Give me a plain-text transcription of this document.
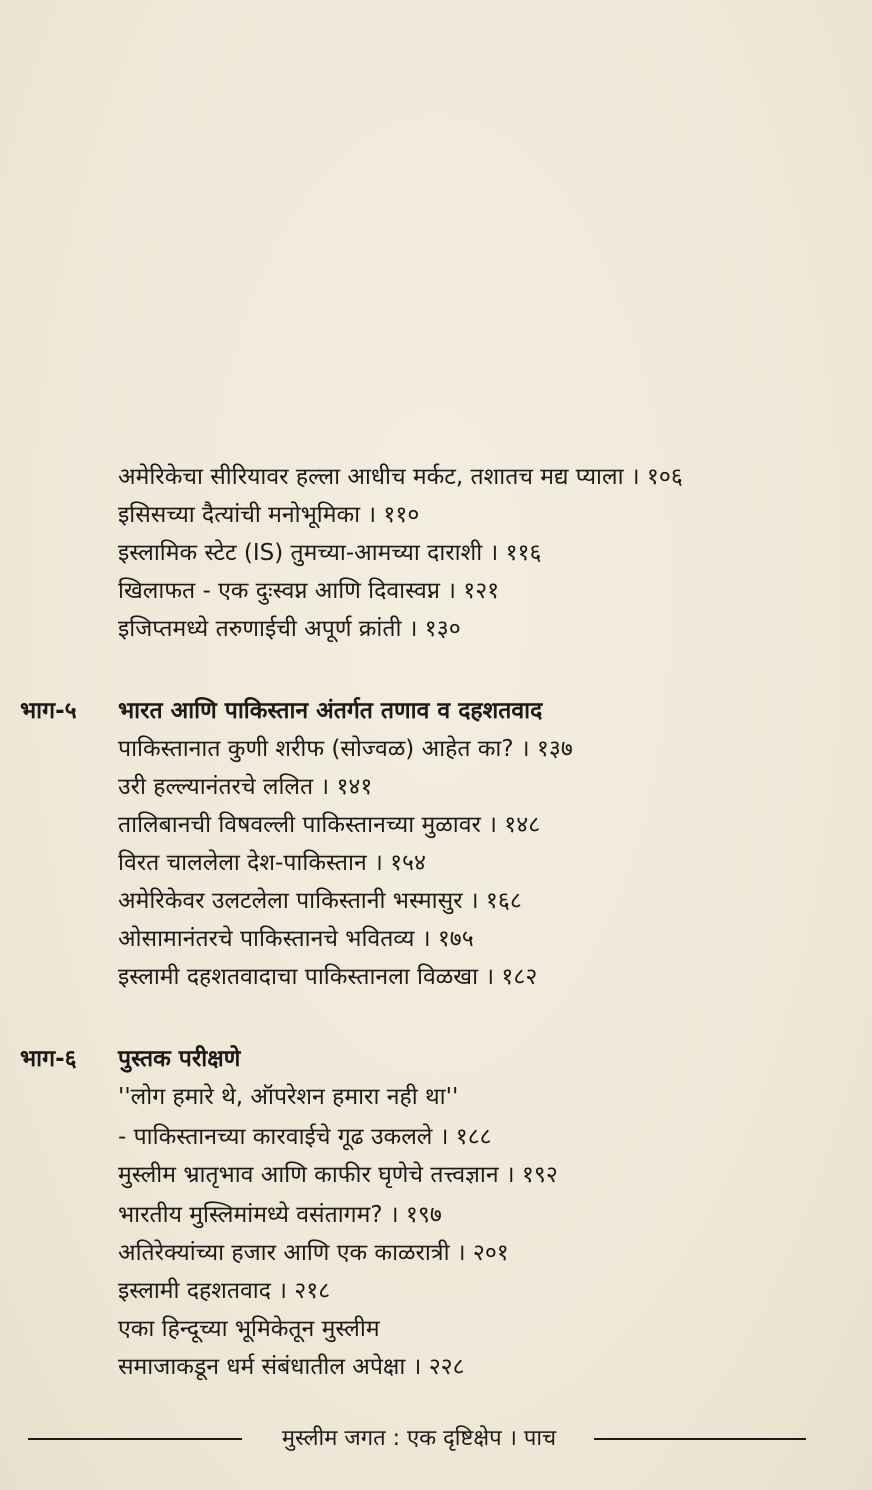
अमेरिकेचा सीरियावर हल्ला आधीच मर्कट, तशातच मद्य प्याला । १०६
इसिसच्या दैत्यांची मनोभूमिका । ११०
इस्लामिक स्टेट (IS) तुमच्या-आमच्या दाराशी । ११६
खिलाफत - एक दुःस्वप्न आणि दिवास्वप्न । १२१
इजिप्तमध्ये तरुणाईची अपूर्ण क्रांती । १३०
भाग-५ भारत आणि पाकिस्तान अंतर्गत तणाव व दहशतवाद
पाकिस्तानात कुणी शरीफ (सोज्वळ) आहेत का? । १३७
उरी हल्ल्यानंतरचे ललित । १४१
तालिबानची विषवल्ली पाकिस्तानच्या मुळावर । १४८
विरत चाललेला देश-पाकिस्तान । १५४
अमेरिकेवर उलटलेला पाकिस्तानी भस्मासुर । १६८
ओसामानंतरचे पाकिस्तानचे भवितव्य । १७५
इस्लामी दहशतवादाचा पाकिस्तानला विळखा । १८२
भाग-६ पुस्तक परीक्षणे
''लोग हमारे थे, ऑपरेशन हमारा नही था''
- पाकिस्तानच्या कारवाईचे गूढ उकलले । १८८
मुस्लीम भ्रातृभाव आणि काफीर घृणेचे तत्त्वज्ञान । १९२
भारतीय मुस्लिमांमध्ये वसंतागम? । १९७
अतिरेक्यांच्या हजार आणि एक काळरात्री । २०१
इस्लामी दहशतवाद । २१८
एका हिन्दूच्या भूमिकेतून मुस्लीम
समाजाकडून धर्म संबंधातील अपेक्षा । २२८
मुस्लीम जगत : एक दृष्टिक्षेप । पाच
